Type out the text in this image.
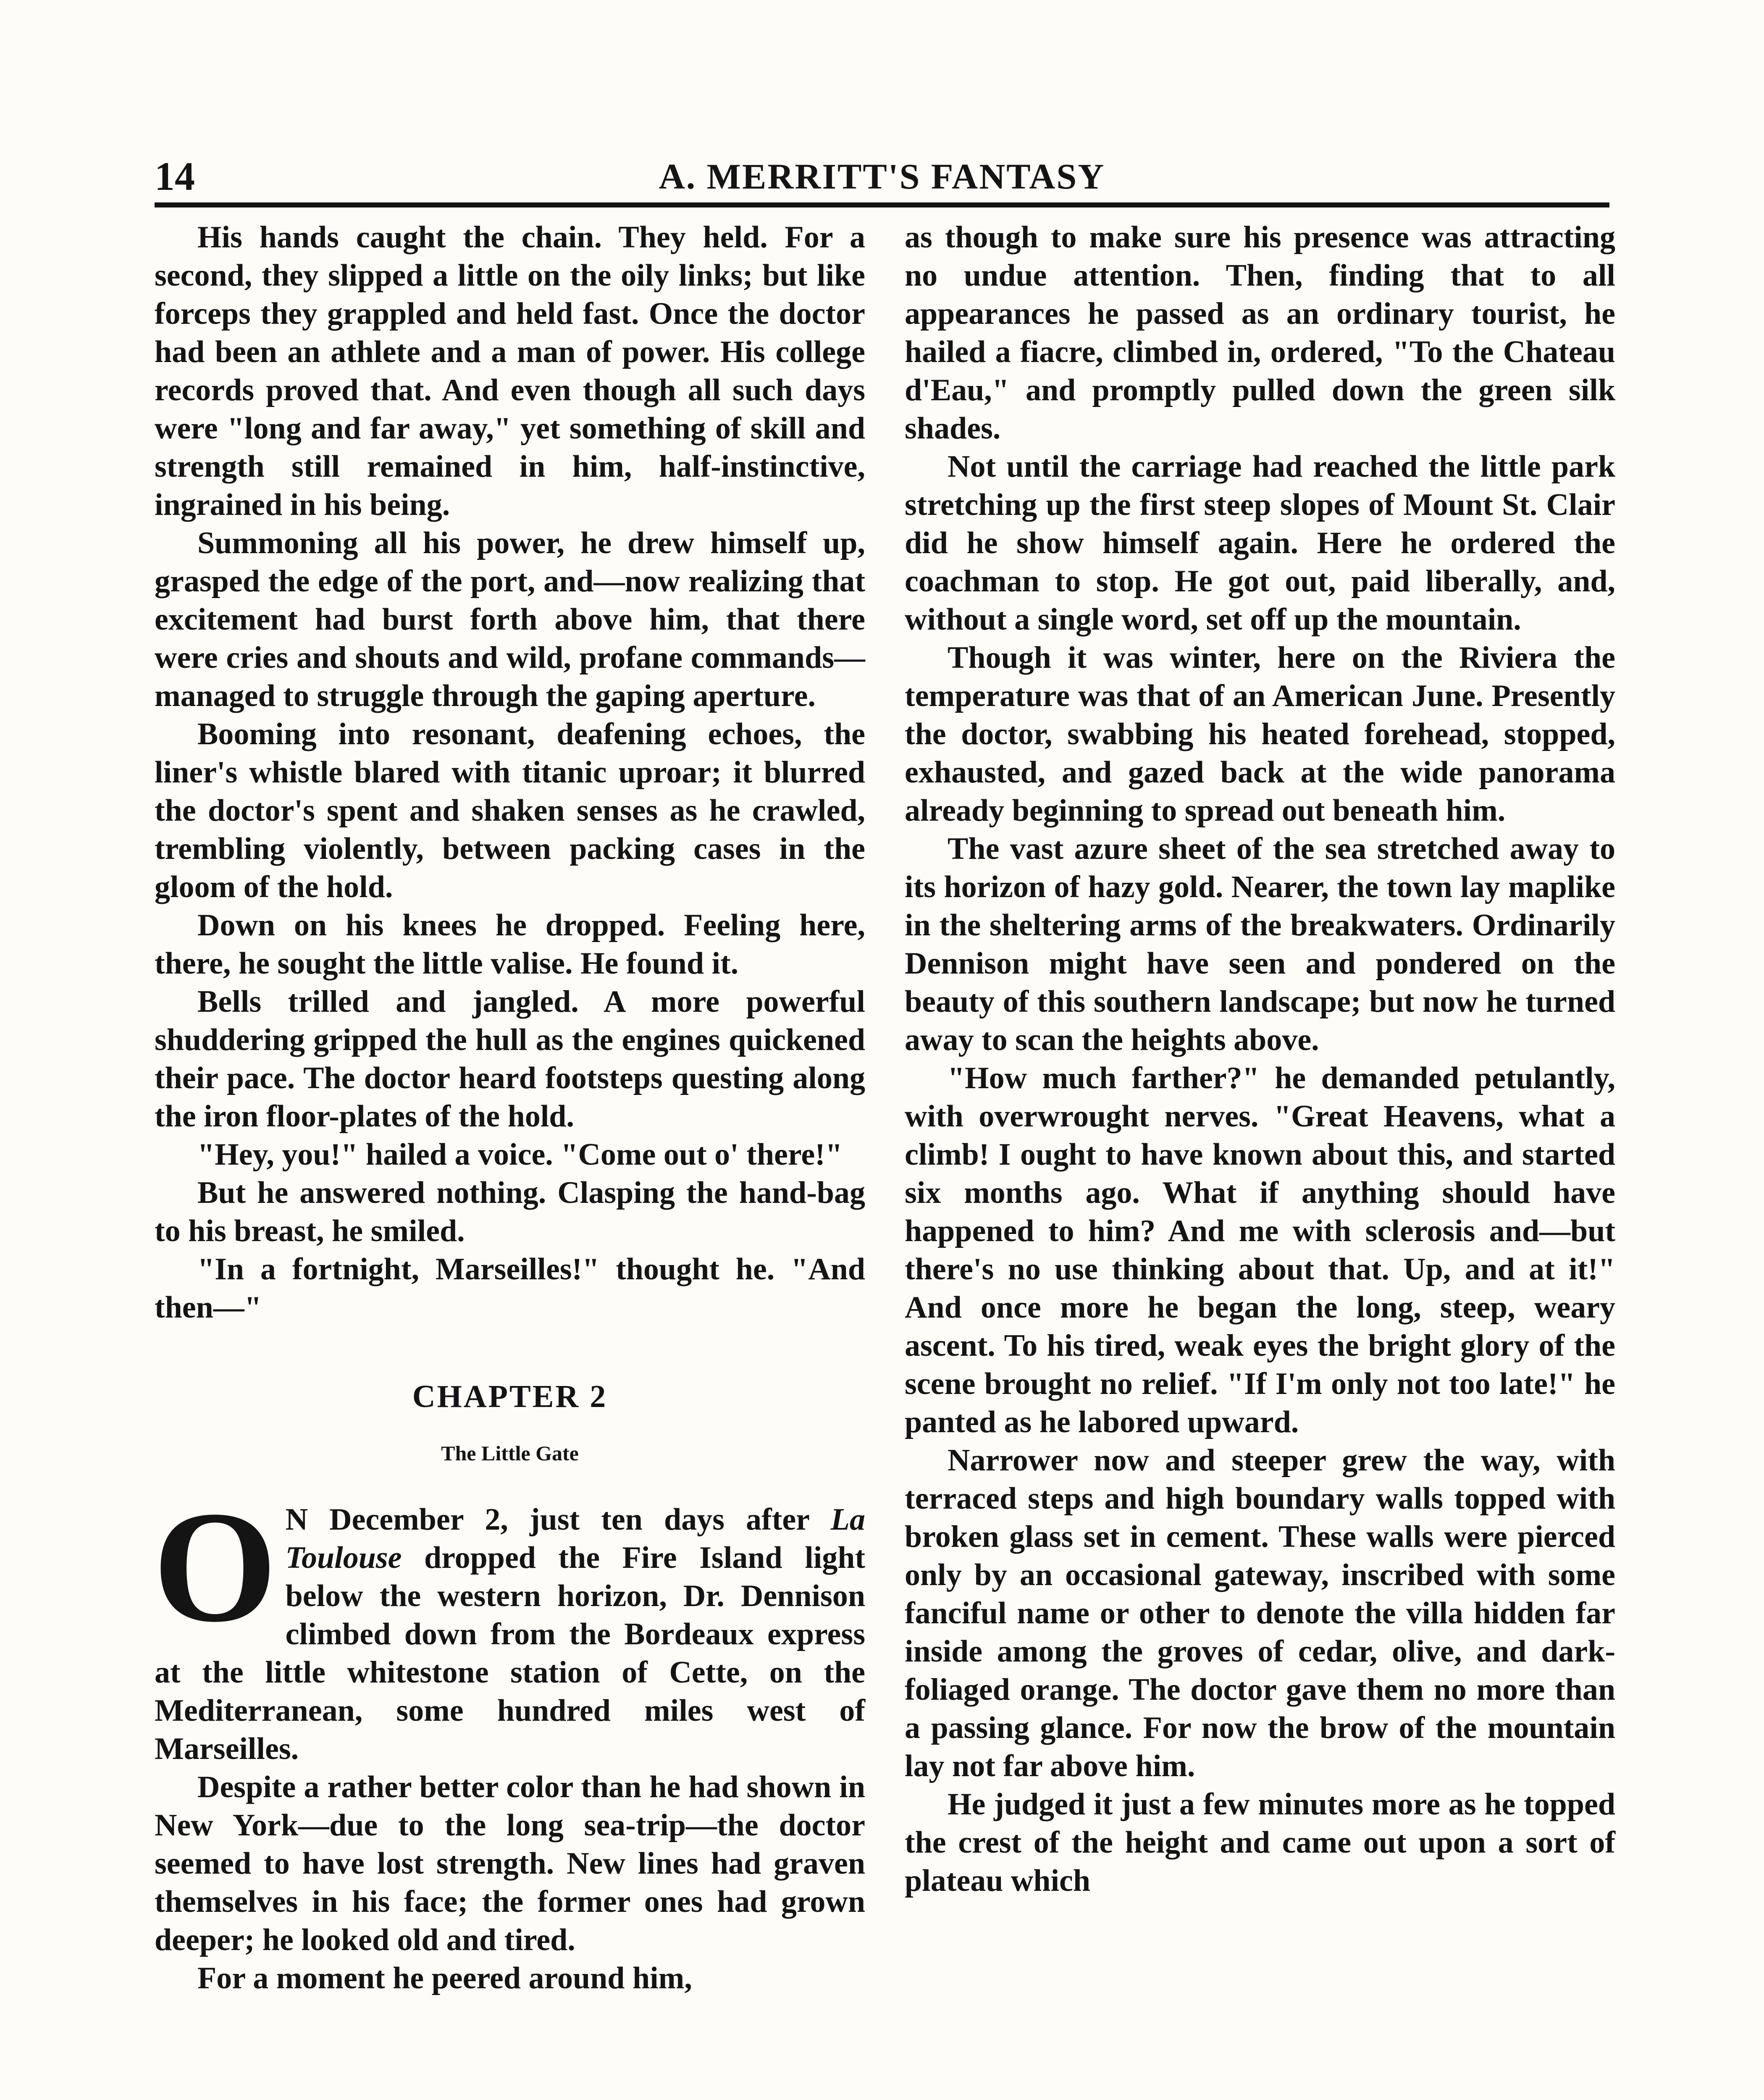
14	A. MERRITT'S FANTASY

His hands caught the chain. They held. For a second, they slipped a little on the oily links; but like forceps they grappled and held fast. Once the doctor had been an athlete and a man of power. His college records proved that. And even though all such days were "long and far away," yet something of skill and strength still remained in him, half-instinctive, ingrained in his being.

Summoning all his power, he drew himself up, grasped the edge of the port, and—now realizing that excitement had burst forth above him, that there were cries and shouts and wild, profane commands—managed to struggle through the gaping aperture.

Booming into resonant, deafening echoes, the liner's whistle blared with titanic uproar; it blurred the doctor's spent and shaken senses as he crawled, trembling violently, between packing cases in the gloom of the hold.

Down on his knees he dropped. Feeling here, there, he sought the little valise. He found it.

Bells trilled and jangled. A more powerful shuddering gripped the hull as the engines quickened their pace. The doctor heard footsteps questing along the iron floor-plates of the hold.

"Hey, you!" hailed a voice. "Come out o' there!"

But he answered nothing. Clasping the hand-bag to his breast, he smiled.

"In a fortnight, Marseilles!" thought he. "And then—"

CHAPTER 2
The Little Gate

O N December 2, just ten days after La Toulouse dropped the Fire Island light below the western horizon, Dr. Dennison climbed down from the Bordeaux express at the little whitestone station of Cette, on the Mediterranean, some hundred miles west of Marseilles.

Despite a rather better color than he had shown in New York—due to the long sea-trip—the doctor seemed to have lost strength. New lines had graven themselves in his face; the former ones had grown deeper; he looked old and tired.

For a moment he peered around him,

as though to make sure his presence was attracting no undue attention. Then, finding that to all appearances he passed as an ordinary tourist, he hailed a fiacre, climbed in, ordered, "To the Chateau d'Eau," and promptly pulled down the green silk shades.

Not until the carriage had reached the little park stretching up the first steep slopes of Mount St. Clair did he show himself again. Here he ordered the coachman to stop. He got out, paid liberally, and, without a single word, set off up the mountain.

Though it was winter, here on the Riviera the temperature was that of an American June. Presently the doctor, swabbing his heated forehead, stopped, exhausted, and gazed back at the wide panorama already beginning to spread out beneath him.

The vast azure sheet of the sea stretched away to its horizon of hazy gold. Nearer, the town lay maplike in the sheltering arms of the breakwaters. Ordinarily Dennison might have seen and pondered on the beauty of this southern landscape; but now he turned away to scan the heights above.

"How much farther?" he demanded petulantly, with overwrought nerves. "Great Heavens, what a climb! I ought to have known about this, and started six months ago. What if anything should have happened to him? And me with sclerosis and—but there's no use thinking about that. Up, and at it!" And once more he began the long, steep, weary ascent. To his tired, weak eyes the bright glory of the scene brought no relief. "If I'm only not too late!" he panted as he labored upward.

Narrower now and steeper grew the way, with terraced steps and high boundary walls topped with broken glass set in cement. These walls were pierced only by an occasional gateway, inscribed with some fanciful name or other to denote the villa hidden far inside among the groves of cedar, olive, and dark-foliaged orange. The doctor gave them no more than a passing glance. For now the brow of the mountain lay not far above him.

He judged it just a few minutes more as he topped the crest of the height and came out upon a sort of plateau which
